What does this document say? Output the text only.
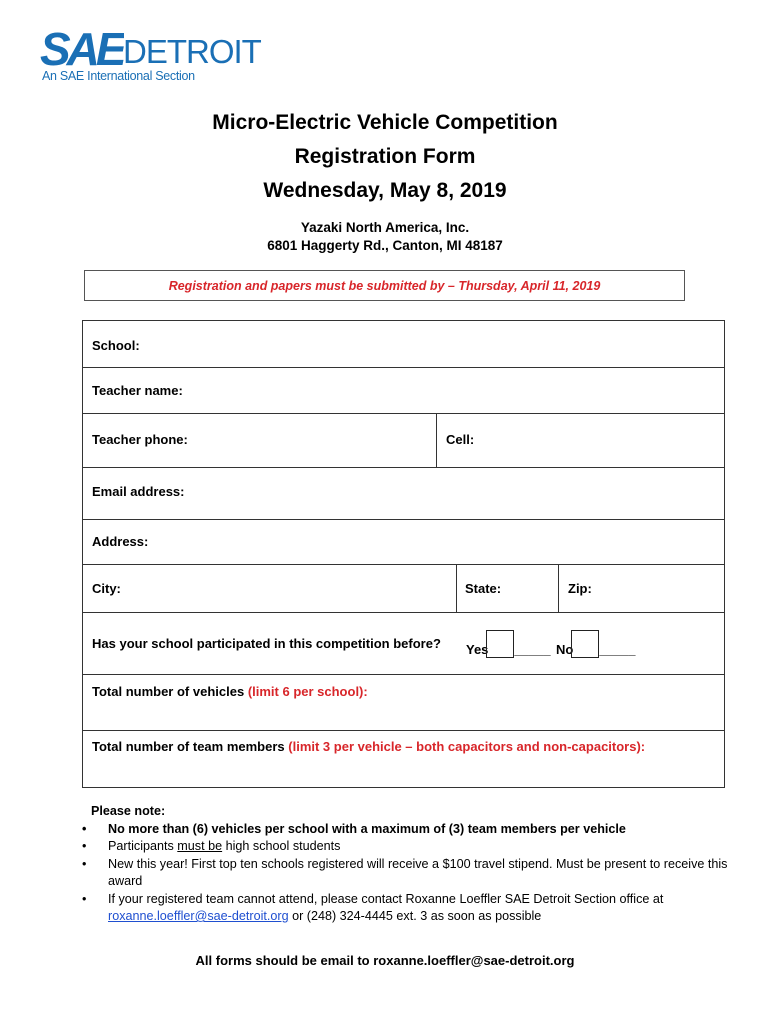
SAE DETROIT
An SAE International Section
Micro-Electric Vehicle Competition
Registration Form
Wednesday, May 8, 2019
Yazaki North America, Inc.
6801 Haggerty Rd., Canton, MI 48187
Registration and papers must be submitted by – Thursday, April 11, 2019
School:
Teacher name:
Teacher phone:	Cell:
Email address:
Address:
City:	State:	Zip:
Has your school participated in this competition before? Yes _____ No _____
Total number of vehicles (limit 6 per school):
Total number of team members (limit 3 per vehicle – both capacitors and non-capacitors):
Please note:
• No more than (6) vehicles per school with a maximum of (3) team members per vehicle
• Participants must be high school students
• New this year! First top ten schools registered will receive a $100 travel stipend. Must be present to receive this award
• If your registered team cannot attend, please contact Roxanne Loeffler SAE Detroit Section office at roxanne.loeffler@sae-detroit.org or (248) 324-4445 ext. 3 as soon as possible
All forms should be email to roxanne.loeffler@sae-detroit.org
